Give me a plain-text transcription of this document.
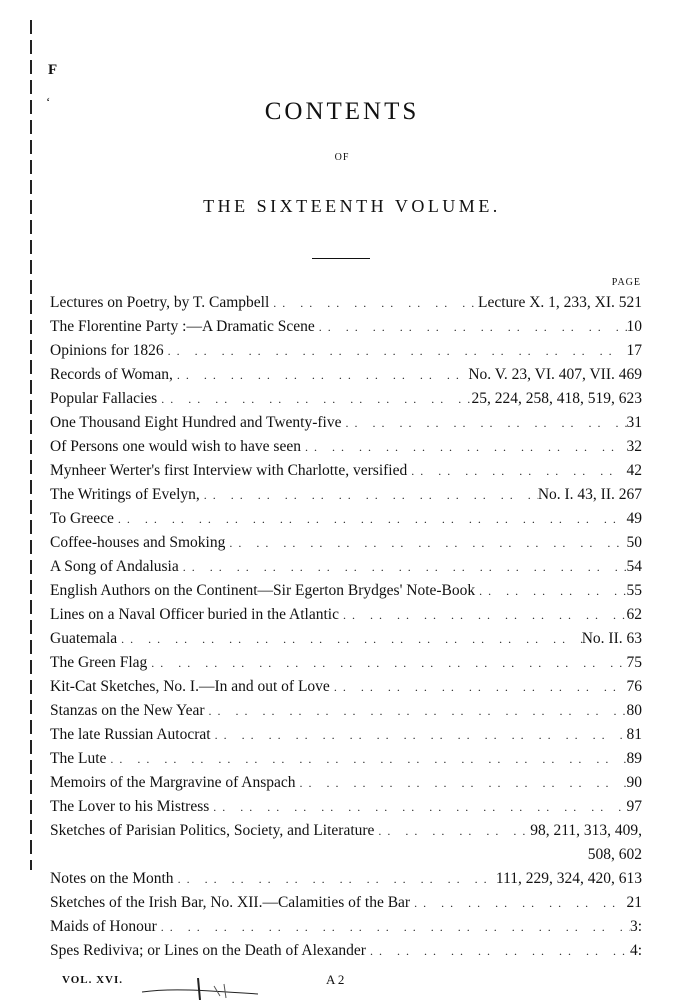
F
‘	CONTENTS
OF
THE SIXTEENTH VOLUME.
PAGE
Lectures on Poetry, by T. Campbell .. ..	Lecture X. 1, 233, XI. 521
The Florentine Party :—A Dramatic Scene .. ..	10
Opinions for 1826 .. ..	17
Records of Woman, .. ..	No. V. 23, VI. 407, VII. 469
Popular Fallacies .. ..	25, 224, 258, 418, 519, 623
One Thousand Eight Hundred and Twenty-five .. ..	31
Of Persons one would wish to have seen .. ..	32
Mynheer Werter's first Interview with Charlotte, versified .. ..	42
The Writings of Evelyn, .. ..	No. I. 43, II. 267
To Greece .. ..	49
Coffee-houses and Smoking .. ..	50
A Song of Andalusia .. ..	54
English Authors on the Continent—Sir Egerton Brydges' Note-Book .. ..	55
Lines on a Naval Officer buried in the Atlantic .. ..	62
Guatemala .. ..	No. II. 63
The Green Flag .. ..	75
Kit-Cat Sketches, No. I.—In and out of Love .. ..	76
Stanzas on the New Year .. ..	80
The late Russian Autocrat .. ..	81
The Lute .. ..	89
Memoirs of the Margravine of Anspach .. ..	90
The Lover to his Mistress .. ..	97
Sketches of Parisian Politics, Society, and Literature .. ..	98, 211, 313, 409,
508, 602
Notes on the Month .. ..	111, 229, 324, 420, 613
Sketches of the Irish Bar, No. XII.—Calamities of the Bar .. ..	21
Maids of Honour .. ..	3:
Spes Rediviva; or Lines on the Death of Alexander .. ..	4:
VOL. XVI.	A 2
